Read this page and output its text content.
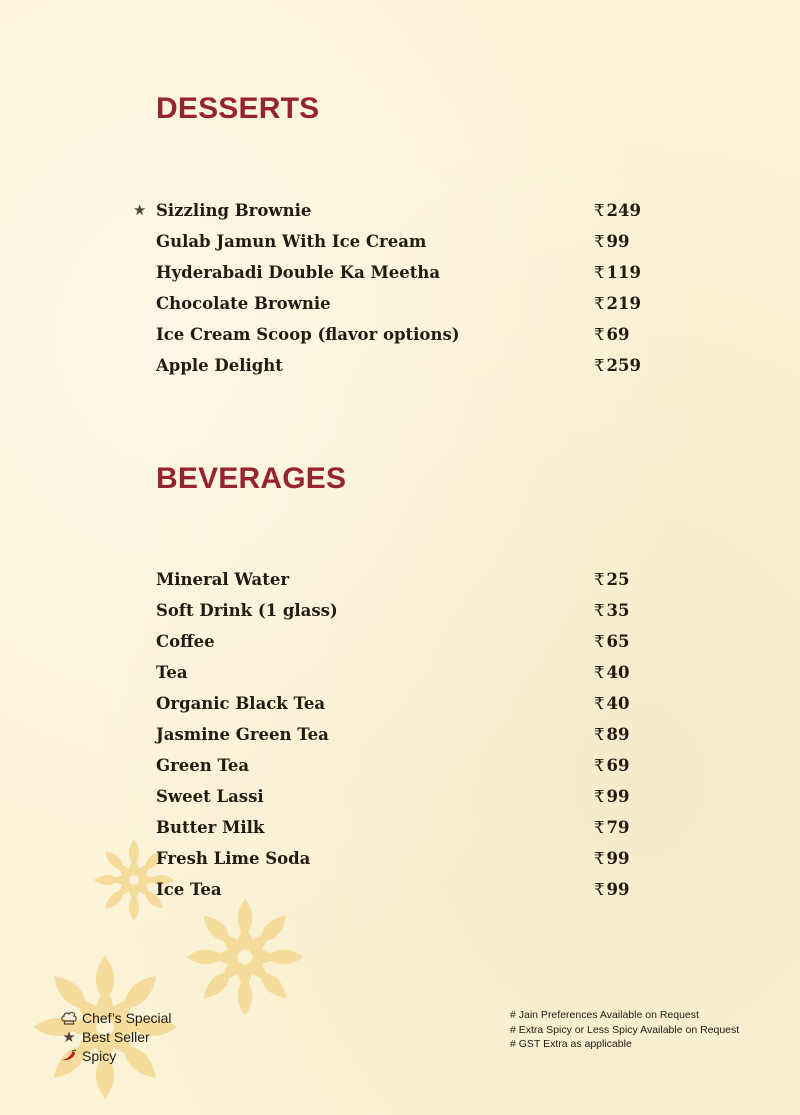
DESSERTS
★ Sizzling Brownie	₹ 249
Gulab Jamun With Ice Cream	₹ 99
Hyderabadi Double Ka Meetha	₹ 119
Chocolate Brownie	₹ 219
Ice Cream Scoop (flavor options)	₹ 69
Apple Delight	₹ 259
BEVERAGES
Mineral Water	₹ 25
Soft Drink (1 glass)	₹ 35
Coffee	₹ 65
Tea	₹ 40
Organic Black Tea	₹ 40
Jasmine Green Tea	₹ 89
Green Tea	₹ 69
Sweet Lassi	₹ 99
Butter Milk	₹ 79
Fresh Lime Soda	₹ 99
Ice Tea	₹ 99
Chef’s Special
★ Best Seller
Spicy
# Jain Preferences Available on Request
# Extra Spicy or Less Spicy Available on Request
# GST Extra as applicable
